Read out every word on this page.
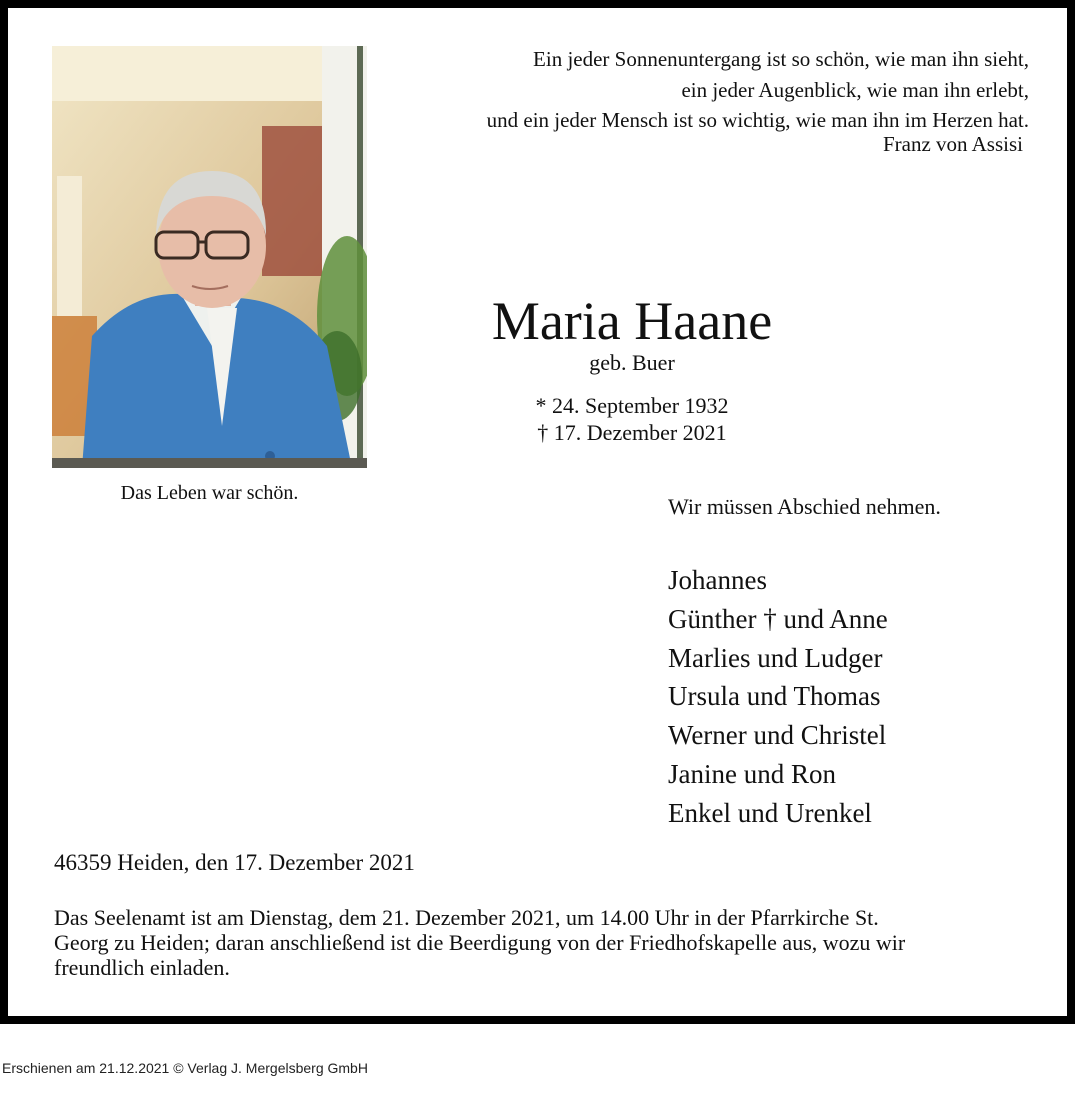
Das Leben war schön.
Ein jeder Sonnenuntergang ist so schön, wie man ihn sieht,
ein jeder Augenblick, wie man ihn erlebt,
und ein jeder Mensch ist so wichtig, wie man ihn im Herzen hat.
Franz von Assisi
Maria Haane
geb. Buer
* 24. September 1932
† 17. Dezember 2021
Wir müssen Abschied nehmen.
Johannes
Günther † und Anne
Marlies und Ludger
Ursula und Thomas
Werner und Christel
Janine und Ron
Enkel und Urenkel
46359 Heiden, den 17. Dezember 2021
Das Seelenamt ist am Dienstag, dem 21. Dezember 2021, um 14.00 Uhr in der Pfarrkirche St.
Georg zu Heiden; daran anschließend ist die Beerdigung von der Friedhofskapelle aus, wozu wir
freundlich einladen.
Erschienen am 21.12.2021 © Verlag J. Mergelsberg GmbH
